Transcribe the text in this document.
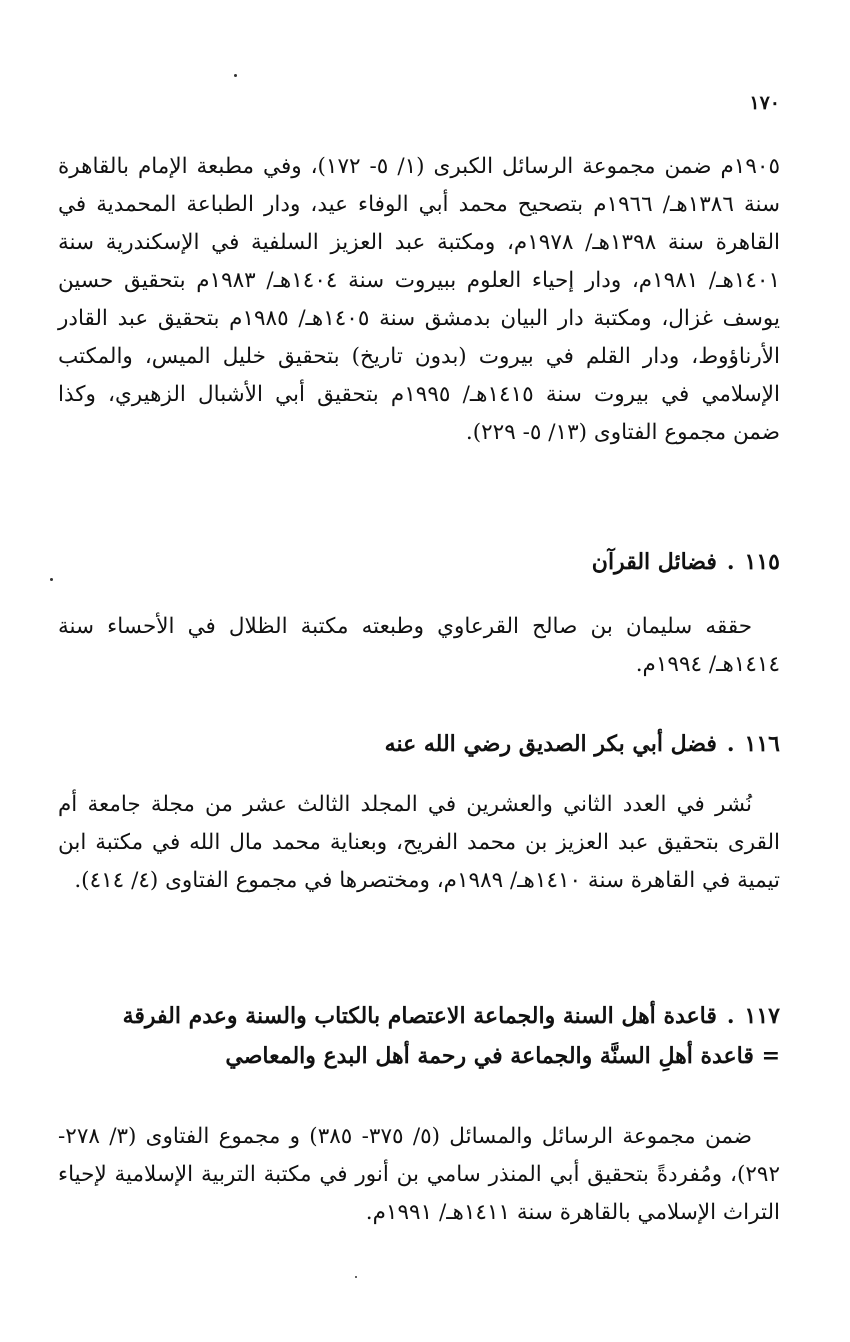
١٧٠

١٩٠٥م ضمن مجموعة الرسائل الكبرى (١/ ٥- ١٧٢)، وفي مطبعة الإمام بالقاهرة سنة ١٣٨٦هـ/ ١٩٦٦م بتصحيح محمد أبي الوفاء عيد، ودار الطباعة المحمدية في القاهرة سنة ١٣٩٨هـ/ ١٩٧٨م، ومكتبة عبد العزيز السلفية في الإسكندرية سنة ١٤٠١هـ/ ١٩٨١م، ودار إحياء العلوم ببيروت سنة ١٤٠٤هـ/ ١٩٨٣م بتحقيق حسين يوسف غزال، ومكتبة دار البيان بدمشق سنة ١٤٠٥هـ/ ١٩٨٥م بتحقيق عبد القادر الأرناؤوط، ودار القلم في بيروت (بدون تاريخ) بتحقيق خليل الميس، والمكتب الإسلامي في بيروت سنة ١٤١٥هـ/ ١٩٩٥م بتحقيق أبي الأشبال الزهيري، وكذا ضمن مجموع الفتاوى (١٣/ ٥- ٢٢٩).

١١٥.فضائل القرآن

حققه سليمان بن صالح القرعاوي وطبعته مكتبة الظلال في الأحساء سنة ١٤١٤هـ/ ١٩٩٤م.

١١٦.فضل أبي بكر الصديق رضي الله عنه

نُشر في العدد الثاني والعشرين في المجلد الثالث عشر من مجلة جامعة أم القرى بتحقيق عبد العزيز بن محمد الفريح، وبعناية محمد مال الله في مكتبة ابن تيمية في القاهرة سنة ١٤١٠هـ/ ١٩٨٩م، ومختصرها في مجموع الفتاوى (٤/ ٤١٤).

١١٧.قاعدة أهل السنة والجماعة الاعتصام بالكتاب والسنة وعدم الفرقة

= قاعدة أهلِ السنَّة والجماعة في رحمة أهل البدع والمعاصي

ضمن مجموعة الرسائل والمسائل (٥/ ٣٧٥- ٣٨٥) و مجموع الفتاوى (٣/ ٢٧٨- ٢٩٢)، ومُفردةً بتحقيق أبي المنذر سامي بن أنور في مكتبة التربية الإسلامية لإحياء التراث الإسلامي بالقاهرة سنة ١٤١١هـ/ ١٩٩١م.
